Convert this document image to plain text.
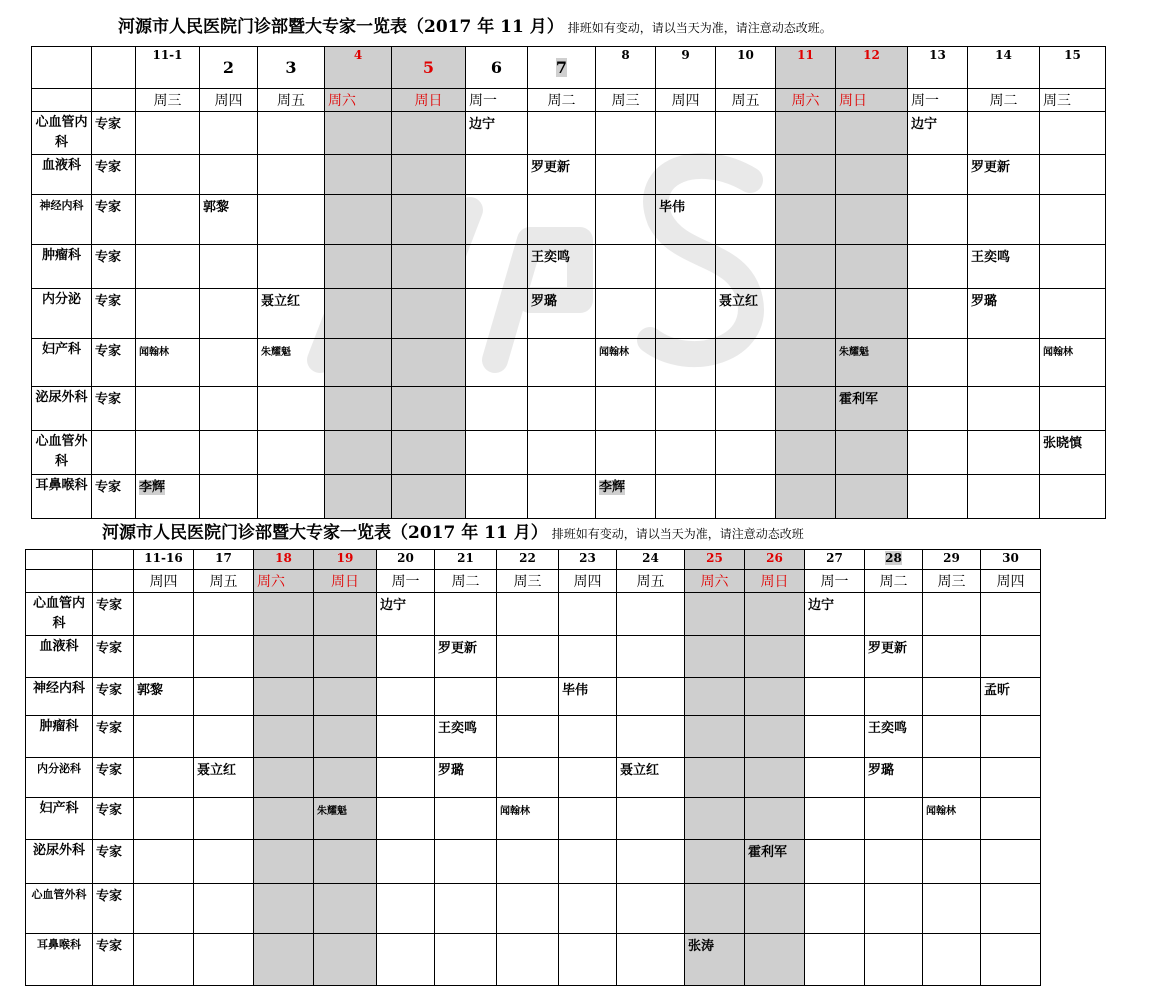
河源市人民医院门诊部暨大专家一览表（2017 年 11 月） 排班如有变动，请以当天为准，请注意动态改班。
		11-1	2	3	4	5	6	7	8	9	10	11	12	13	14	15
		周三	周四	周五	周六	周日	周一	周二	周三	周四	周五	周六	周日	周一	周二	周三
心血管内科	专家						边宁							边宁		
血液科	专家							罗更新							罗更新	
神经内科	专家		郭黎							毕伟						
肿瘤科	专家							王奕鸣							王奕鸣	
内分泌	专家			聂立红				罗璐			聂立红				罗璐	
妇产科	专家	闻翰林		朱耀魁					闻翰林				朱耀魁			闻翰林
泌尿外科	专家												霍利军			
心血管外科																张晓慎
耳鼻喉科	专家	李辉							李辉							
河源市人民医院门诊部暨大专家一览表（2017 年 11 月） 排班如有变动，请以当天为准，请注意动态改班
		11-16	17	18	19	20	21	22	23	24	25	26	27	28	29	30
		周四	周五	周六	周日	周一	周二	周三	周四	周五	周六	周日	周一	周二	周三	周四
心血管内科	专家					边宁							边宁			
血液科	专家						罗更新							罗更新		
神经内科	专家	郭黎							毕伟							孟昕
肿瘤科	专家						王奕鸣							王奕鸣		
内分泌科	专家		聂立红				罗璐			聂立红				罗璐		
妇产科	专家				朱耀魁			闻翰林							闻翰林	
泌尿外科	专家											霍利军				
心血管外科	专家															
耳鼻喉科	专家										张涛					
